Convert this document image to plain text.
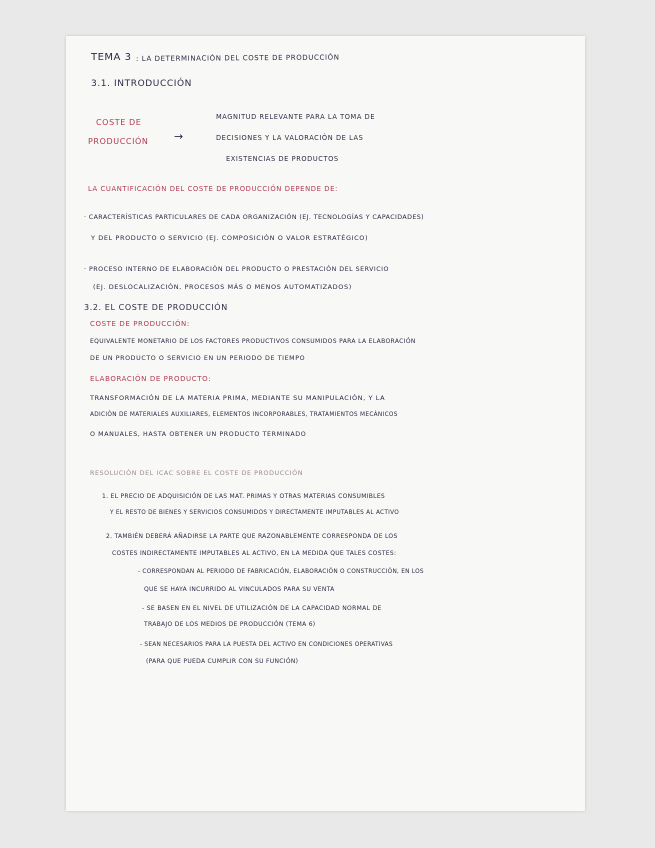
TEMA 3 : LA DETERMINACIÓN DEL COSTE DE PRODUCCIÓN
3.1. INTRODUCCIÓN
COSTE DE
PRODUCCIÓN →
MAGNITUD RELEVANTE PARA LA TOMA DE
DECISIONES Y LA VALORACIÓN DE LAS
EXISTENCIAS DE PRODUCTOS
LA CUANTIFICACIÓN DEL COSTE DE PRODUCCIÓN DEPENDE DE:
· CARACTERÍSTICAS PARTICULARES DE CADA ORGANIZACIÓN (EJ. TECNOLOGÍAS Y CAPACIDADES)
Y DEL PRODUCTO O SERVICIO (EJ. COMPOSICIÓN O VALOR ESTRATÉGICO)
· PROCESO INTERNO DE ELABORACIÓN DEL PRODUCTO O PRESTACIÓN DEL SERVICIO
(EJ. DESLOCALIZACIÓN, PROCESOS MÁS O MENOS AUTOMATIZADOS)
3.2. EL COSTE DE PRODUCCIÓN
COSTE DE PRODUCCIÓN:
EQUIVALENTE MONETARIO DE LOS FACTORES PRODUCTIVOS CONSUMIDOS PARA LA ELABORACIÓN
DE UN PRODUCTO O SERVICIO EN UN PERIODO DE TIEMPO
ELABORACIÓN DE PRODUCTO:
TRANSFORMACIÓN DE LA MATERIA PRIMA, MEDIANTE SU MANIPULACIÓN, Y LA
ADICIÓN DE MATERIALES AUXILIARES, ELEMENTOS INCORPORABLES, TRATAMIENTOS MECÁNICOS
O MANUALES, HASTA OBTENER UN PRODUCTO TERMINADO
RESOLUCIÓN DEL ICAC SOBRE EL COSTE DE PRODUCCIÓN
1. EL PRECIO DE ADQUISICIÓN DE LAS MAT. PRIMAS Y OTRAS MATERIAS CONSUMIBLES
Y EL RESTO DE BIENES Y SERVICIOS CONSUMIDOS Y DIRECTAMENTE IMPUTABLES AL ACTIVO
2. TAMBIÉN DEBERÁ AÑADIRSE LA PARTE QUE RAZONABLEMENTE CORRESPONDA DE LOS
COSTES INDIRECTAMENTE IMPUTABLES AL ACTIVO, EN LA MEDIDA QUE TALES COSTES:
- CORRESPONDAN AL PERIODO DE FABRICACIÓN, ELABORACIÓN O CONSTRUCCIÓN, EN LOS
QUE SE HAYA INCURRIDO AL VINCULADOS PARA SU VENTA
- SE BASEN EN EL NIVEL DE UTILIZACIÓN DE LA CAPACIDAD NORMAL DE
TRABAJO DE LOS MEDIOS DE PRODUCCIÓN (TEMA 6)
- SEAN NECESARIOS PARA LA PUESTA DEL ACTIVO EN CONDICIONES OPERATIVAS
(PARA QUE PUEDA CUMPLIR CON SU FUNCIÓN)
